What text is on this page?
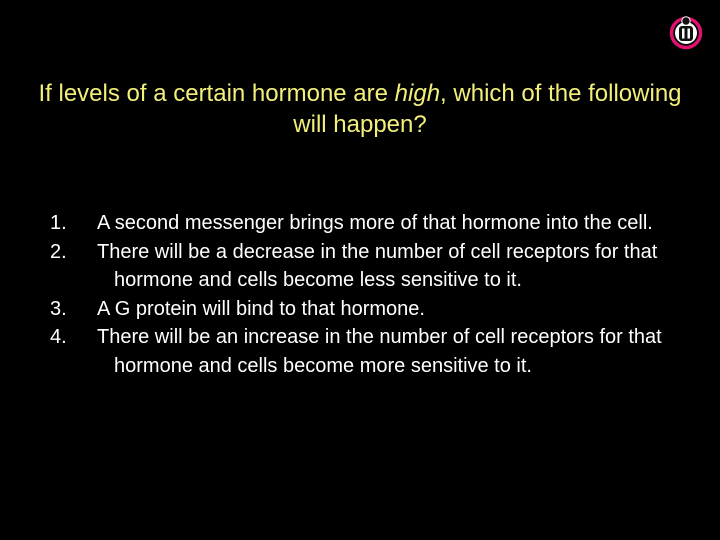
If levels of a certain hormone are high, which of the following will happen?
1. A second messenger brings more of that hormone into the cell.
2. There will be a decrease in the number of cell receptors for that hormone and cells become less sensitive to it.
3. A G protein will bind to that hormone.
4. There will be an increase in the number of cell receptors for that hormone and cells become more sensitive to it.
